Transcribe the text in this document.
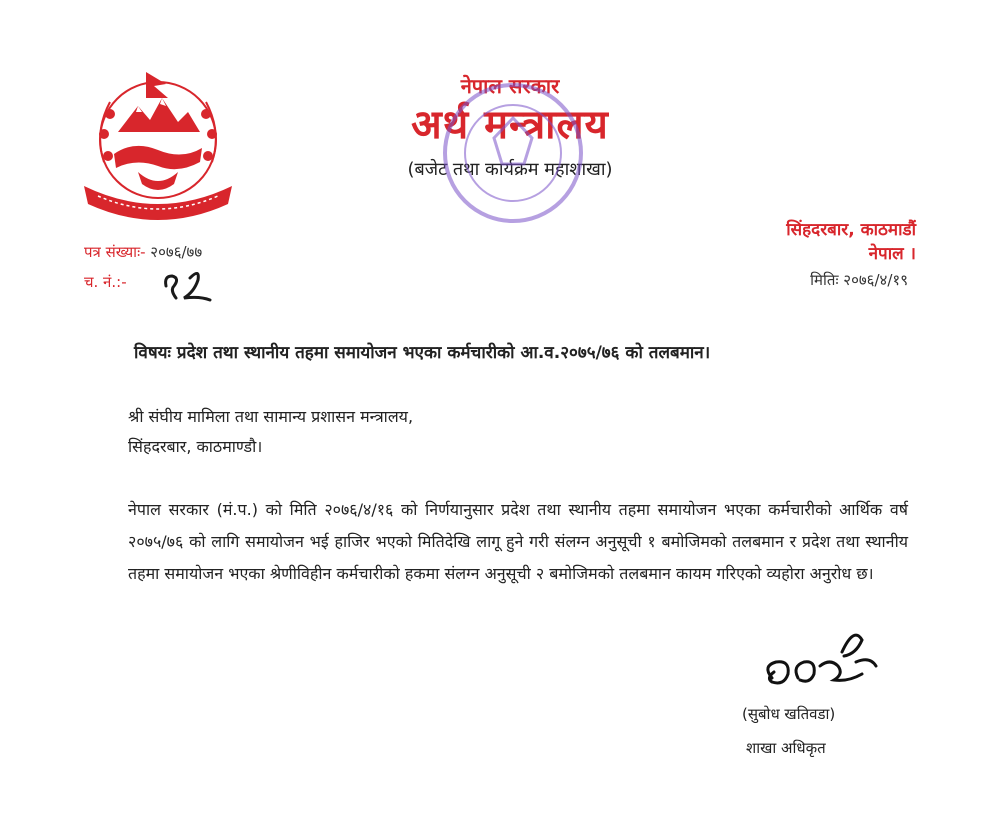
नेपाल सरकार
अर्थ मन्त्रालय
(बजेट तथा कार्यक्रम महाशाखा)
पत्र संख्याः- २०७६/७७
च. नं.:-
सिंहदरबार, काठमाडौं
नेपाल ।
मितिः २०७६/४/१९
विषयः प्रदेश तथा स्थानीय तहमा समायोजन भएका कर्मचारीको आ.व.२०७५/७६ को तलबमान।
श्री संघीय मामिला तथा सामान्य प्रशासन मन्त्रालय,
सिंहदरबार, काठमाण्डौ।
नेपाल सरकार (मं.प.) को मिति २०७६/४/१६ को निर्णयानुसार प्रदेश तथा स्थानीय तहमा समायोजन भएका कर्मचारीको आर्थिक वर्ष २०७५/७६ को लागि समायोजन भई हाजिर भएको मितिदेखि लागू हुने गरी संलग्न अनुसूची १ बमोजिमको तलबमान र प्रदेश तथा स्थानीय तहमा समायोजन भएका श्रेणीविहीन कर्मचारीको हकमा संलग्न अनुसूची २ बमोजिमको तलबमान कायम गरिएको व्यहोरा अनुरोध छ।
(सुबोध खतिवडा)
शाखा अधिकृत
